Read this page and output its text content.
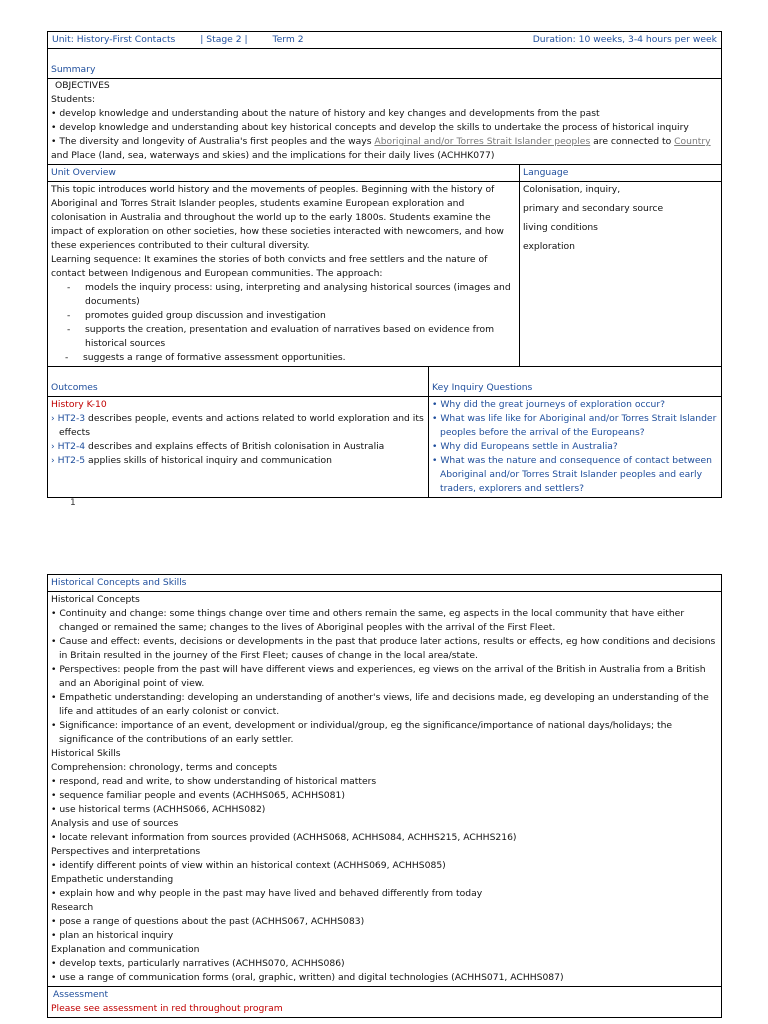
Unit: History-First Contacts	| Stage 2 |	Term 2	Duration: 10 weeks, 3-4 hours per week
Summary
OBJECTIVES
Students:
• develop knowledge and understanding about the nature of history and key changes and developments from the past
• develop knowledge and understanding about key historical concepts and develop the skills to undertake the process of historical inquiry
• The diversity and longevity of Australia's first peoples and the ways Aboriginal and/or Torres Strait Islander peoples are connected to Country and Place (land, sea, waterways and skies) and the implications for their daily lives (ACHHK077)
Unit Overview
This topic introduces world history and the movements of peoples. Beginning with the history of Aboriginal and Torres Strait Islander peoples, students examine European exploration and colonisation in Australia and throughout the world up to the early 1800s. Students examine the impact of exploration on other societies, how these societies interacted with newcomers, and how these experiences contributed to their cultural diversity.
Learning sequence: It examines the stories of both convicts and free settlers and the nature of contact between Indigenous and European communities. The approach:
- models the inquiry process: using, interpreting and analysing historical sources (images and documents)
- promotes guided group discussion and investigation
- supports the creation, presentation and evaluation of narratives based on evidence from historical sources
- suggests a range of formative assessment opportunities.
Language
Colonisation, inquiry,
primary and secondary source
living conditions
exploration
Outcomes
History K-10
› HT2-3 describes people, events and actions related to world exploration and its effects
› HT2-4 describes and explains effects of British colonisation in Australia
› HT2-5 applies skills of historical inquiry and communication
Key Inquiry Questions
• Why did the great journeys of exploration occur?
• What was life like for Aboriginal and/or Torres Strait Islander peoples before the arrival of the Europeans?
• Why did Europeans settle in Australia?
• What was the nature and consequence of contact between Aboriginal and/or Torres Strait Islander peoples and early traders, explorers and settlers?
1
Historical Concepts and Skills
Historical Concepts
• Continuity and change: some things change over time and others remain the same, eg aspects in the local community that have either changed or remained the same; changes to the lives of Aboriginal peoples with the arrival of the First Fleet.
• Cause and effect: events, decisions or developments in the past that produce later actions, results or effects, eg how conditions and decisions in Britain resulted in the journey of the First Fleet; causes of change in the local area/state.
• Perspectives: people from the past will have different views and experiences, eg views on the arrival of the British in Australia from a British and an Aboriginal point of view.
• Empathetic understanding: developing an understanding of another's views, life and decisions made, eg developing an understanding of the life and attitudes of an early colonist or convict.
• Significance: importance of an event, development or individual/group, eg the significance/importance of national days/holidays; the significance of the contributions of an early settler.
Historical Skills
Comprehension: chronology, terms and concepts
• respond, read and write, to show understanding of historical matters
• sequence familiar people and events (ACHHS065, ACHHS081)
• use historical terms (ACHHS066, ACHHS082)
Analysis and use of sources
• locate relevant information from sources provided (ACHHS068, ACHHS084, ACHHS215, ACHHS216)
Perspectives and interpretations
• identify different points of view within an historical context (ACHHS069, ACHHS085)
Empathetic understanding
• explain how and why people in the past may have lived and behaved differently from today
Research
• pose a range of questions about the past (ACHHS067, ACHHS083)
• plan an historical inquiry
Explanation and communication
• develop texts, particularly narratives (ACHHS070, ACHHS086)
• use a range of communication forms (oral, graphic, written) and digital technologies (ACHHS071, ACHHS087)
Assessment
Please see assessment in red throughout program
